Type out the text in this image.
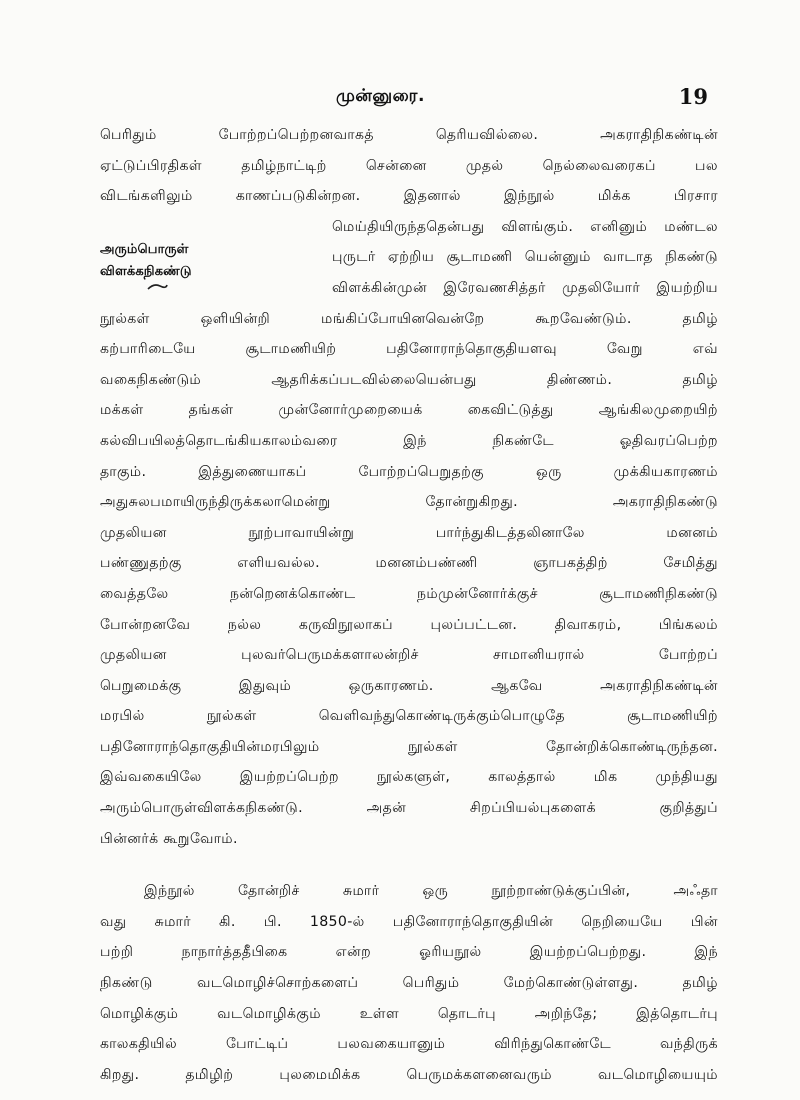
முன்னுரை.	19
அரும்பொருள்
விளக்கநிகண்டு
பெரிதும் போற்றப்பெற்றனவாகத் தெரியவில்லை. அகராதிநிகண்டின்
ஏட்டுப்பிரதிகள் தமிழ்நாட்டிற் சென்னை முதல் நெல்லைவரைகப் பல
விடங்களிலும் காணப்படுகின்றன. இதனால் இந்நூல் மிக்க பிரசார
மெய்தியிருந்ததென்பது விளங்கும். எனினும் மண்டல
புருடர் ஏற்றிய சூடாமணி யென்னும் வாடாத நிகண்டு
விளக்கின்முன் இரேவணசித்தர் முதலியோர் இயற்றிய
நூல்கள் ஒளியின்றி மங்கிப்போயினவென்றே கூறவேண்டும். தமிழ்
கற்பாரிடையே சூடாமணியிற் பதினோராந்தொகுதியளவு வேறு எவ்
வகைநிகண்டும் ஆதரிக்கப்படவில்லையென்பது திண்ணம். தமிழ்
மக்கள் தங்கள் முன்னோர்முறையைக் கைவிட்டுத்து ஆங்கிலமுறையிற்
கல்விபயிலத்தொடங்கியகாலம்வரை இந் நிகண்டே ஓதிவரப்பெற்ற
தாகும். இத்துணையாகப் போற்றப்பெறுதற்கு ஒரு முக்கியகாரணம்
அதுசுலபமாயிருந்திருக்கலாமென்று தோன்றுகிறது. அகராதிநிகண்டு
முதலியன நூற்பாவாயின்று பார்ந்துகிடத்தலினாலே மனனம்
பண்ணுதற்கு எளியவல்ல. மனனம்பண்ணி ஞாபகத்திற் சேமித்து
வைத்தலே நன்றெனக்கொண்ட நம்முன்னோர்க்குச் சூடாமணிநிகண்டு
போன்றனவே நல்ல கருவிநூலாகப் புலப்பட்டன. திவாகரம், பிங்கலம்
முதலியன புலவர்பெருமக்களாலன்றிச் சாமானியரால் போற்றப்
பெறுமைக்கு இதுவும் ஒருகாரணம். ஆகவே அகராதிநிகண்டின்
மரபில் நூல்கள் வெளிவந்துகொண்டிருக்கும்பொழுதே சூடாமணியிற்
பதினோராந்தொகுதியின்மரபிலும் நூல்கள் தோன்றிக்கொண்டிருந்தன.
இவ்வகையிலே இயற்றப்பெற்ற நூல்களுள், காலத்தால் மிக முந்தியது
அரும்பொருள்விளக்கநிகண்டு. அதன் சிறப்பியல்புகளைக் குறித்துப்
பின்னர்க் கூறுவோம்.
இந்நூல் தோன்றிச் சுமார் ஒரு நூற்றாண்டுக்குப்பின், அஃதா
வது சுமார் கி. பி. 1850-ல் பதினோராந்தொகுதியின் நெறியையே பின்
பற்றி நாநார்த்ததீபிகை என்ற ஓரியநூல் இயற்றப்பெற்றது. இந்
நிகண்டு வடமொழிச்சொற்களைப் பெரிதும் மேற்கொண்டுள்ளது. தமிழ்
மொழிக்கும் வடமொழிக்கும் உள்ள தொடர்பு அறிந்தே; இத்தொடர்பு
காலகதியில் போட்டிப் பலவகையானும் விரிந்துகொண்டே வந்திருக்
கிறது. தமிழிற் புலமைமிக்க பெருமக்களனைவரும் வடமொழியையும்
